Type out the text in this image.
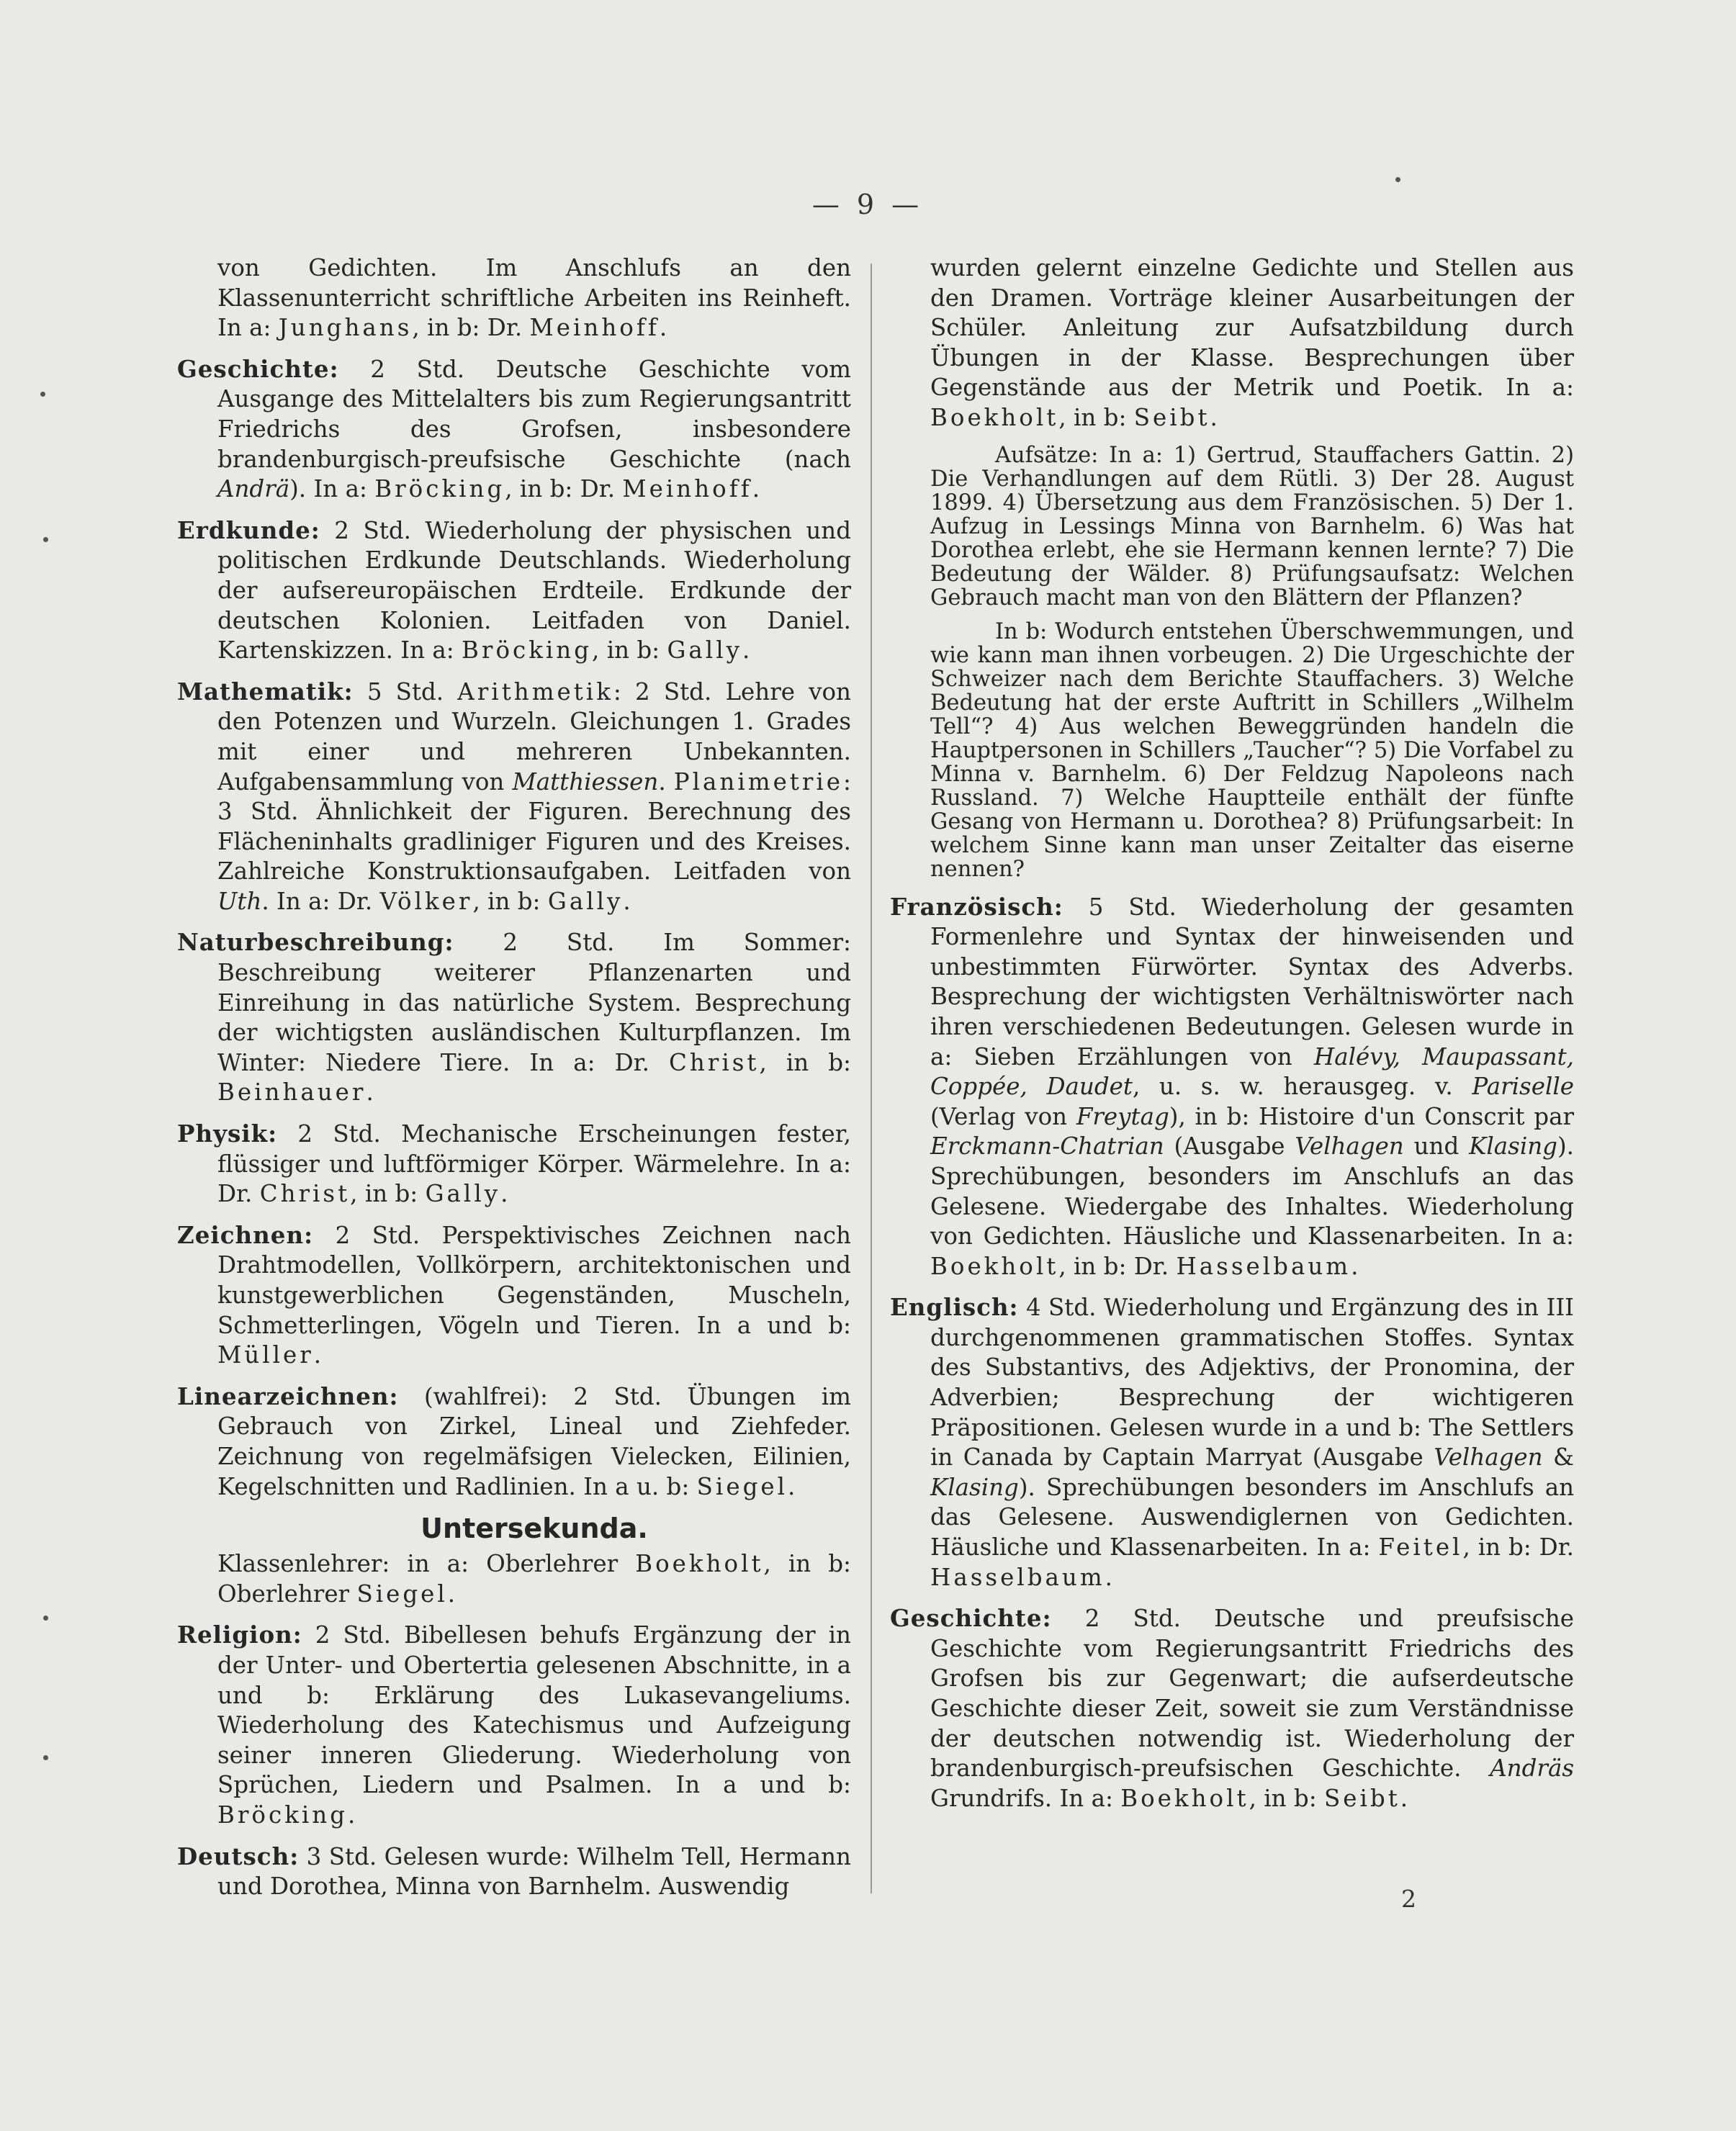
— 9 —

von Gedichten. Im Anschlufs an den Klassenunterricht schriftliche Arbeiten ins Reinheft. In a: Junghans, in b: Dr. Meinhoff.

Geschichte: 2 Std. Deutsche Geschichte vom Ausgange des Mittelalters bis zum Regierungsantritt Friedrichs des Grofsen, insbesondere brandenburgisch-preufsische Geschichte (nach Andrä). In a: Bröcking, in b: Dr. Meinhoff.

Erdkunde: 2 Std. Wiederholung der physischen und politischen Erdkunde Deutschlands. Wiederholung der aufsereuropäischen Erdteile. Erdkunde der deutschen Kolonien. Leitfaden von Daniel. Kartenskizzen. In a: Bröcking, in b: Gally.

Mathematik: 5 Std. Arithmetik: 2 Std. Lehre von den Potenzen und Wurzeln. Gleichungen 1. Grades mit einer und mehreren Unbekannten. Aufgabensammlung von Matthiessen. Planimetrie: 3 Std. Ähnlichkeit der Figuren. Berechnung des Flächeninhalts gradliniger Figuren und des Kreises. Zahlreiche Konstruktionsaufgaben. Leitfaden von Uth. In a: Dr. Völker, in b: Gally.

Naturbeschreibung: 2 Std. Im Sommer: Beschreibung weiterer Pflanzenarten und Einreihung in das natürliche System. Besprechung der wichtigsten ausländischen Kulturpflanzen. Im Winter: Niedere Tiere. In a: Dr. Christ, in b: Beinhauer.

Physik: 2 Std. Mechanische Erscheinungen fester, flüssiger und luftförmiger Körper. Wärmelehre. In a: Dr. Christ, in b: Gally.

Zeichnen: 2 Std. Perspektivisches Zeichnen nach Drahtmodellen, Vollkörpern, architektonischen und kunstgewerblichen Gegenständen, Muscheln, Schmetterlingen, Vögeln und Tieren. In a und b: Müller.

Linearzeichnen: (wahlfrei): 2 Std. Übungen im Gebrauch von Zirkel, Lineal und Ziehfeder. Zeichnung von regelmäfsigen Vielecken, Eilinien, Kegelschnitten und Radlinien. In a u. b: Siegel.

Untersekunda.

Klassenlehrer: in a: Oberlehrer Boekholt, in b: Oberlehrer Siegel.

Religion: 2 Std. Bibellesen behufs Ergänzung der in der Unter- und Obertertia gelesenen Abschnitte, in a und b: Erklärung des Lukasevangeliums. Wiederholung des Katechismus und Aufzeigung seiner inneren Gliederung. Wiederholung von Sprüchen, Liedern und Psalmen. In a und b: Bröcking.

Deutsch: 3 Std. Gelesen wurde: Wilhelm Tell, Hermann und Dorothea, Minna von Barnhelm. Auswendig

wurden gelernt einzelne Gedichte und Stellen aus den Dramen. Vorträge kleiner Ausarbeitungen der Schüler. Anleitung zur Aufsatzbildung durch Übungen in der Klasse. Besprechungen über Gegenstände aus der Metrik und Poetik. In a: Boekholt, in b: Seibt.

Aufsätze: In a: 1) Gertrud, Stauffachers Gattin. 2) Die Verhandlungen auf dem Rütli. 3) Der 28. August 1899. 4) Übersetzung aus dem Französischen. 5) Der 1. Aufzug in Lessings Minna von Barnhelm. 6) Was hat Dorothea erlebt, ehe sie Hermann kennen lernte? 7) Die Bedeutung der Wälder. 8) Prüfungsaufsatz: Welchen Gebrauch macht man von den Blättern der Pflanzen?

In b: Wodurch entstehen Überschwemmungen, und wie kann man ihnen vorbeugen. 2) Die Urgeschichte der Schweizer nach dem Berichte Stauffachers. 3) Welche Bedeutung hat der erste Auftritt in Schillers „Wilhelm Tell“? 4) Aus welchen Beweggründen handeln die Hauptpersonen in Schillers „Taucher“? 5) Die Vorfabel zu Minna v. Barnhelm. 6) Der Feldzug Napoleons nach Russland. 7) Welche Hauptteile enthält der fünfte Gesang von Hermann u. Dorothea? 8) Prüfungsarbeit: In welchem Sinne kann man unser Zeitalter das eiserne nennen?

Französisch: 5 Std. Wiederholung der gesamten Formenlehre und Syntax der hinweisenden und unbestimmten Fürwörter. Syntax des Adverbs. Besprechung der wichtigsten Verhältniswörter nach ihren verschiedenen Bedeutungen. Gelesen wurde in a: Sieben Erzählungen von Halévy, Maupassant, Coppée, Daudet, u. s. w. herausgeg. v. Pariselle (Verlag von Freytag), in b: Histoire d'un Conscrit par Erckmann-Chatrian (Ausgabe Velhagen und Klasing). Sprechübungen, besonders im Anschlufs an das Gelesene. Wiedergabe des Inhaltes. Wiederholung von Gedichten. Häusliche und Klassenarbeiten. In a: Boekholt, in b: Dr. Hasselbaum.

Englisch: 4 Std. Wiederholung und Ergänzung des in III durchgenommenen grammatischen Stoffes. Syntax des Substantivs, des Adjektivs, der Pronomina, der Adverbien; Besprechung der wichtigeren Präpositionen. Gelesen wurde in a und b: The Settlers in Canada by Captain Marryat (Ausgabe Velhagen & Klasing). Sprechübungen besonders im Anschlufs an das Gelesene. Auswendiglernen von Gedichten. Häusliche und Klassenarbeiten. In a: Feitel, in b: Dr. Hasselbaum.

Geschichte: 2 Std. Deutsche und preufsische Geschichte vom Regierungsantritt Friedrichs des Grofsen bis zur Gegenwart; die aufserdeutsche Geschichte dieser Zeit, soweit sie zum Verständnisse der deutschen notwendig ist. Wiederholung der brandenburgisch-preufsischen Geschichte. Andräs Grundrifs. In a: Boekholt, in b: Seibt.

2
